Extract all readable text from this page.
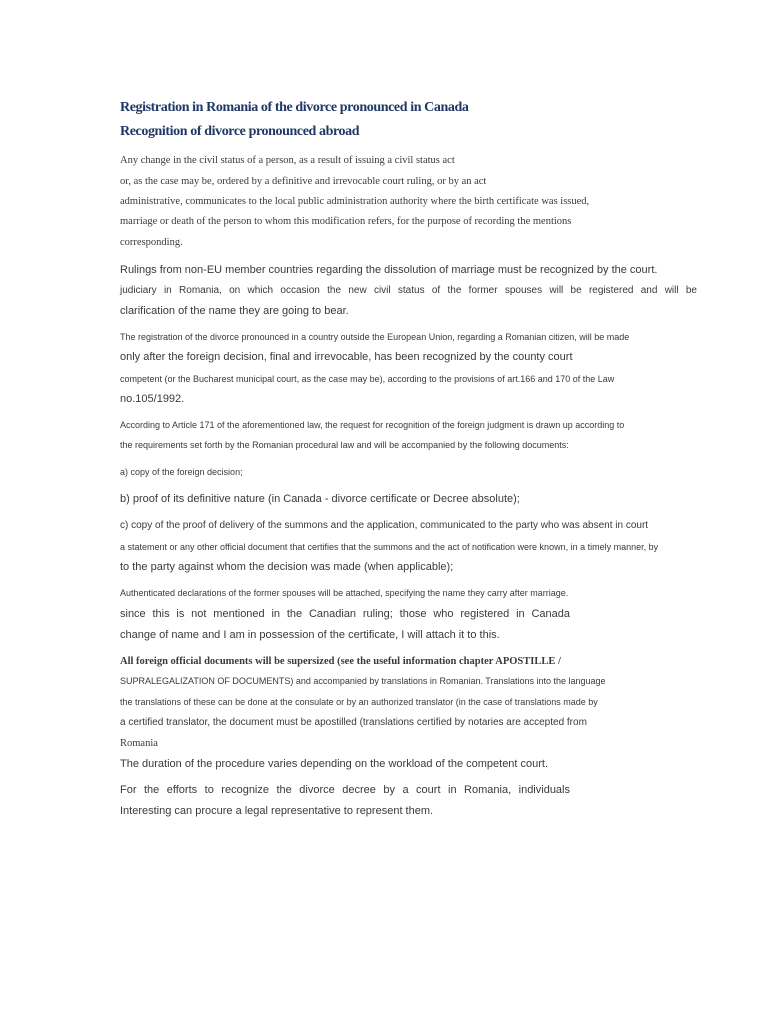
Registration in Romania of the divorce pronounced in Canada
Recognition of divorce pronounced abroad
Any change in the civil status of a person, as a result of issuing a civil status act
or, as the case may be, ordered by a definitive and irrevocable court ruling, or by an act
administrative, communicates to the local public administration authority where the birth certificate was issued,
marriage or death of the person to whom this modification refers, for the purpose of recording the mentions
corresponding.
Rulings from non-EU member countries regarding the dissolution of marriage must be recognized by the court.
judiciary in Romania, on which occasion the new civil status of the former spouses will be registered and will be
clarification of the name they are going to bear.
The registration of the divorce pronounced in a country outside the European Union, regarding a Romanian citizen, will be made
only after the foreign decision, final and irrevocable, has been recognized by the county court
competent (or the Bucharest municipal court, as the case may be), according to the provisions of art.166 and 170 of the Law
no.105/1992.
According to Article 171 of the aforementioned law, the request for recognition of the foreign judgment is drawn up according to
the requirements set forth by the Romanian procedural law and will be accompanied by the following documents:
a) copy of the foreign decision;
b) proof of its definitive nature (in Canada - divorce certificate or Decree absolute);
c) copy of the proof of delivery of the summons and the application, communicated to the party who was absent in court
a statement or any other official document that certifies that the summons and the act of notification were known, in a timely manner, by
to the party against whom the decision was made (when applicable);
Authenticated declarations of the former spouses will be attached, specifying the name they carry after marriage.
since this is not mentioned in the Canadian ruling; those who registered in Canada
change of name and I am in possession of the certificate, I will attach it to this.
All foreign official documents will be supersized (see the useful information chapter APOSTILLE /
SUPRALEGALIZATION OF DOCUMENTS) and accompanied by translations in Romanian. Translations into the language
the translations of these can be done at the consulate or by an authorized translator (in the case of translations made by
a certified translator, the document must be apostilled (translations certified by notaries are accepted from
Romania
The duration of the procedure varies depending on the workload of the competent court.
For the efforts to recognize the divorce decree by a court in Romania, individuals
Interesting can procure a legal representative to represent them.
